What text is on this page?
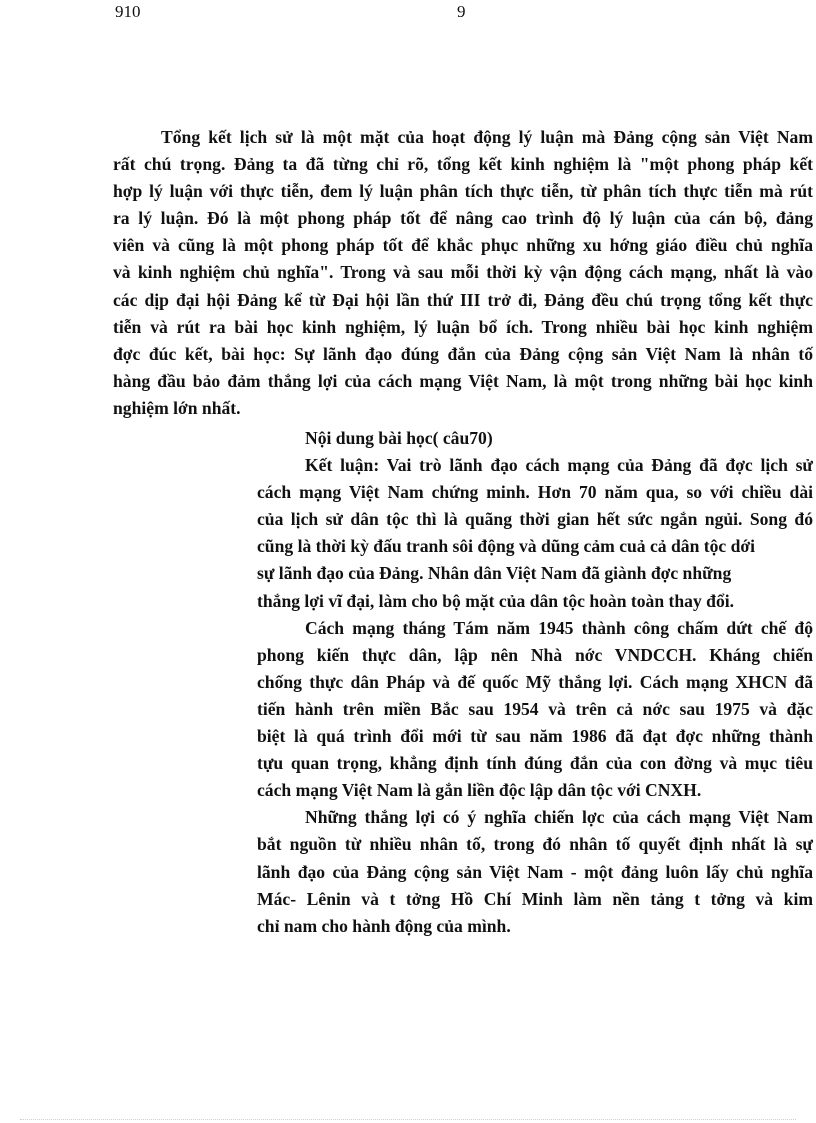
910	9

Tổng kết lịch sử là một mặt của hoạt động lý luận mà Đảng cộng sản Việt Nam

rất chú trọng. Đảng ta đã từng chỉ rõ, tổng kết kinh nghiệm là "một phong pháp kết

hợp lý luận với thực tiễn, đem lý luận phân tích thực tiễn, từ phân tích thực tiễn mà rút

ra lý luận. Đó là một phong pháp tốt để nâng cao trình độ lý luận của cán bộ, đảng

viên và cũng là một phong pháp tốt để khắc phục những xu hớng giáo điều chủ nghĩa

và kinh nghiệm chủ nghĩa". Trong và sau mỗi thời kỳ vận động cách mạng, nhất là vào

các dịp đại hội Đảng kể từ Đại hội lần thứ III trở đi, Đảng đều chú trọng tổng kết thực

tiễn và rút ra bài học kinh nghiệm, lý luận bổ ích. Trong nhiều bài học kinh nghiệm

đợc đúc kết, bài học: Sự lãnh đạo đúng đắn của Đảng cộng sản Việt Nam là nhân tố

hàng đầu bảo đảm thắng lợi của cách mạng Việt Nam, là một trong những bài học kinh

nghiệm lớn nhất.

Nội dung bài học( câu70)

Kết luận: Vai trò lãnh đạo cách mạng của Đảng đã đợc lịch sử

cách mạng Việt Nam chứng minh. Hơn 70 năm qua, so với chiều dài

của lịch sử dân tộc thì là quãng thời gian hết sức ngắn ngủi. Song đó

cũng là thời kỳ đấu tranh sôi động và dũng cảm cuả cả dân tộc dới

sự lãnh đạo của Đảng. Nhân dân Việt Nam đã giành đợc những

thắng lợi vĩ đại, làm cho bộ mặt của dân tộc hoàn toàn thay đổi.

Cách mạng tháng Tám năm 1945 thành công chấm dứt chế độ

phong kiến thực dân, lập nên Nhà nớc VNDCCH. Kháng chiến

chống thực dân Pháp và đế quốc Mỹ thắng lợi. Cách mạng XHCN đã

tiến hành trên miền Bắc sau 1954 và trên cả nớc sau 1975 và đặc

biệt là quá trình đổi mới từ sau năm 1986 đã đạt đợc những thành

tựu quan trọng, khẳng định tính đúng đắn của con đờng và mục tiêu

cách mạng Việt Nam là gắn liền độc lập dân tộc với CNXH.

Những thắng lợi có ý nghĩa chiến lợc của cách mạng Việt Nam

bắt nguồn từ nhiều nhân tố, trong đó nhân tố quyết định nhất là sự

lãnh đạo của Đảng cộng sản Việt Nam - một đảng luôn lấy chủ nghĩa

Mác- Lênin và t tởng Hồ Chí Minh làm nền tảng t tởng và kim

chỉ nam cho hành động của mình.
